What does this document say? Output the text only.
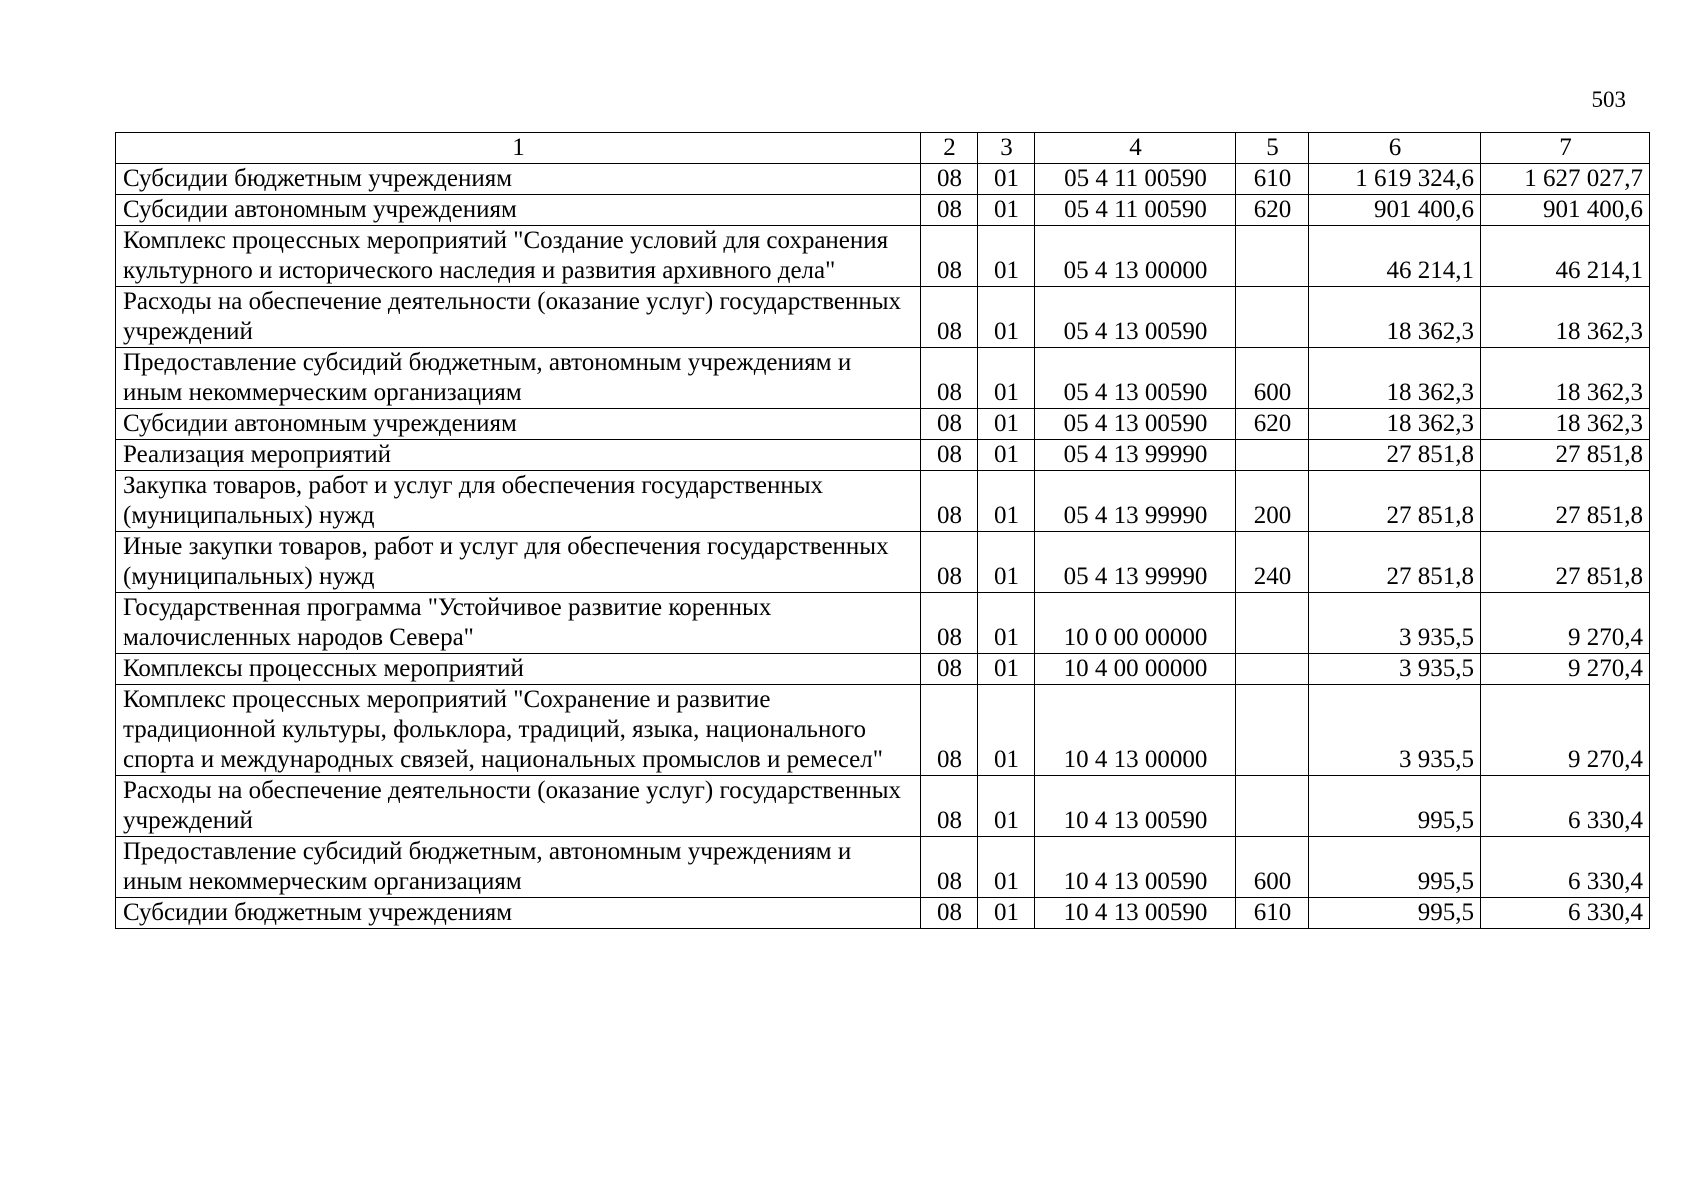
503
1	2	3	4	5	6	7
Субсидии бюджетным учреждениям	08	01	05 4 11 00590	610	1 619 324,6	1 627 027,7
Субсидии автономным учреждениям	08	01	05 4 11 00590	620	901 400,6	901 400,6
Комплекс процессных мероприятий "Создание условий для сохранения культурного и исторического наследия и развития архивного дела"	08	01	05 4 13 00000		46 214,1	46 214,1
Расходы на обеспечение деятельности (оказание услуг) государственных учреждений	08	01	05 4 13 00590		18 362,3	18 362,3
Предоставление субсидий бюджетным, автономным учреждениям и иным некоммерческим организациям	08	01	05 4 13 00590	600	18 362,3	18 362,3
Субсидии автономным учреждениям	08	01	05 4 13 00590	620	18 362,3	18 362,3
Реализация мероприятий	08	01	05 4 13 99990		27 851,8	27 851,8
Закупка товаров, работ и услуг для обеспечения государственных (муниципальных) нужд	08	01	05 4 13 99990	200	27 851,8	27 851,8
Иные закупки товаров, работ и услуг для обеспечения государственных (муниципальных) нужд	08	01	05 4 13 99990	240	27 851,8	27 851,8
Государственная программа "Устойчивое развитие коренных малочисленных народов Севера"	08	01	10 0 00 00000		3 935,5	9 270,4
Комплексы процессных мероприятий	08	01	10 4 00 00000		3 935,5	9 270,4
Комплекс процессных мероприятий "Сохранение и развитие традиционной культуры, фольклора, традиций, языка, национального спорта и международных связей, национальных промыслов и ремесел"	08	01	10 4 13 00000		3 935,5	9 270,4
Расходы на обеспечение деятельности (оказание услуг) государственных учреждений	08	01	10 4 13 00590		995,5	6 330,4
Предоставление субсидий бюджетным, автономным учреждениям и иным некоммерческим организациям	08	01	10 4 13 00590	600	995,5	6 330,4
Субсидии бюджетным учреждениям	08	01	10 4 13 00590	610	995,5	6 330,4
